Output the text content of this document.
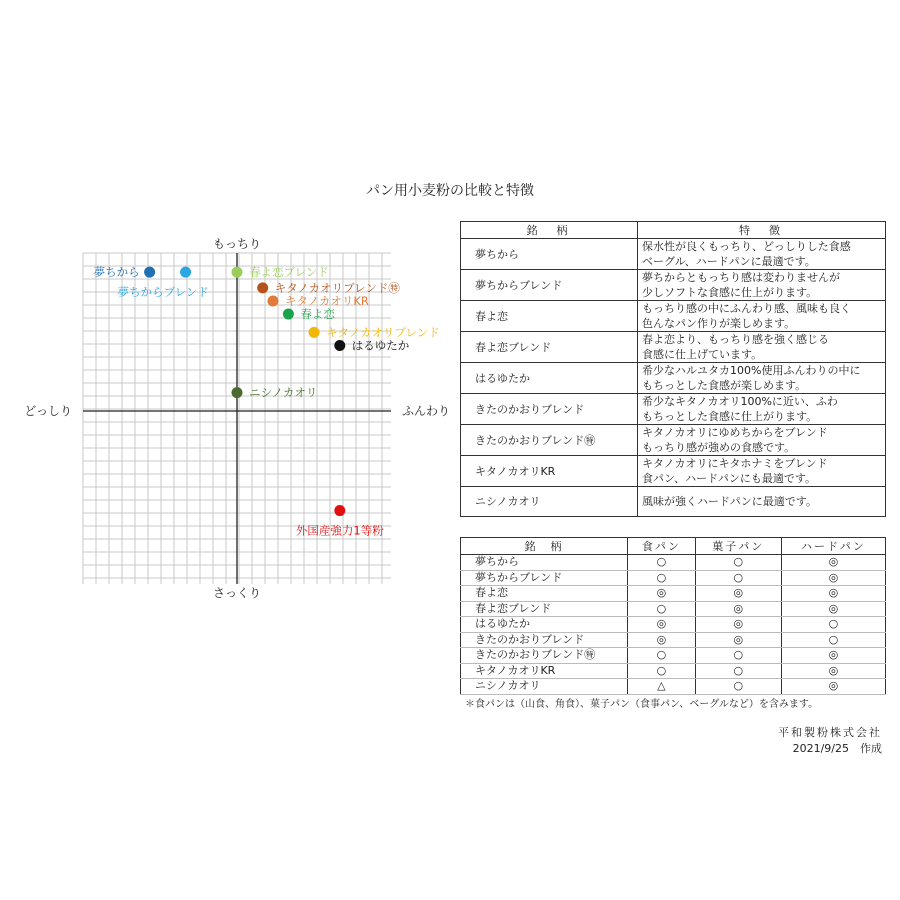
パン用小麦粉の比較と特徴
もっちり
さっくり
どっしり	ふんわり
夢ちから
夢ちからブレンド
春よ恋ブレンド
キタノカオリブレンド㊕
キタノカオリKR
春よ恋
キタノカオリブレンド
はるゆたか
ニシノカオリ
外国産強力1等粉
銘　柄	特　徴
夢ちから	保水性が良くもっちり、どっしりした食感
ベーグル、ハードパンに最適です。

夢ちからブレンド	夢ちからともっちり感は変わりませんが
少しソフトな食感に仕上がります。

春よ恋	もっちり感の中にふんわり感、風味も良く
色んなパン作りが楽しめます。

春よ恋ブレンド	春よ恋より、もっちり感を強く感じる
食感に仕上げています。

はるゆたか	希少なハルユタカ100%使用ふんわりの中に
もちっとした食感が楽しめます。

きたのかおりブレンド	希少なキタノカオリ100%に近い、ふわ
もちっとした食感に仕上がります。

きたのかおりブレンド㊕	キタノカオリにゆめちからをブレンド
もっちり感が強めの食感です。

キタノカオリKR	キタノカオリにキタホナミをブレンド
食パン、ハードパンにも最適です。

ニシノカオリ	風味が強くハードパンに最適です。
銘　柄	食パン	菓子パン	ハードパン
夢ちから	○	○	◎
夢ちからブレンド	○	○	◎
春よ恋	◎	◎	◎
春よ恋ブレンド	○	◎	◎
はるゆたか	◎	◎	○
きたのかおりブレンド	◎	◎	○
きたのかおりブレンド㊕	○	○	◎
キタノカオリKR	○	○	◎
ニシノカオリ	△	○	◎
＊食パンは（山食、角食）、菓子パン（食事パン、ベーグルなど）を含みます。
平和製粉株式会社
2021/9/25　作成
